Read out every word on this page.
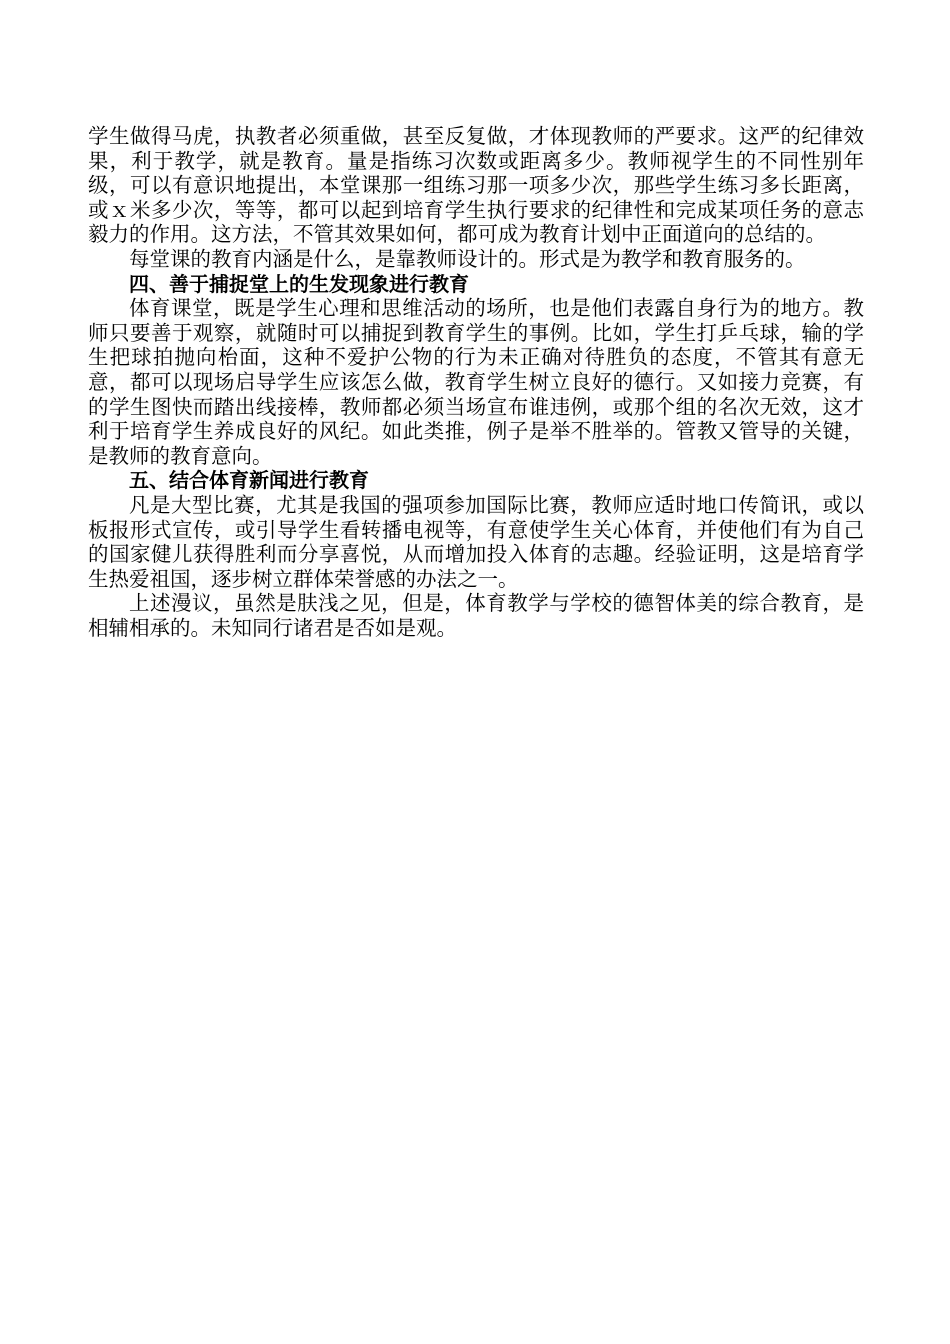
学生做得马虎，执教者必须重做，甚至反复做，才体现教师的严要求。这严的纪律效果，利于教学，就是教育。量是指练习次数或距离多少。教师视学生的不同性别年级，可以有意识地提出，本堂课那一组练习那一项多少次，那些学生练习多长距离，或ｘ米多少次，等等，都可以起到培育学生执行要求的纪律性和完成某项任务的意志毅力的作用。这方法，不管其效果如何，都可成为教育计划中正面道向的总结的。

每堂课的教育内涵是什么，是靠教师设计的。形式是为教学和教育服务的。

四、善于捕捉堂上的生发现象进行教育

体育课堂，既是学生心理和思维活动的场所，也是他们表露自身行为的地方。教师只要善于观察，就随时可以捕捉到教育学生的事例。比如，学生打乒乓球，输的学生把球拍抛向枱面，这种不爱护公物的行为未正确对待胜负的态度，不管其有意无意，都可以现场启导学生应该怎么做，教育学生树立良好的德行。又如接力竞赛，有的学生图快而踏出线接棒，教师都必须当场宣布谁违例，或那个组的名次无效，这才利于培育学生养成良好的风纪。如此类推，例子是举不胜举的。管教又管导的关键，是教师的教育意向。

五、结合体育新闻进行教育

凡是大型比赛，尤其是我国的强项参加国际比赛，教师应适时地口传简讯，或以板报形式宣传，或引导学生看转播电视等，有意使学生关心体育，并使他们有为自己的国家健儿获得胜利而分享喜悦，从而增加投入体育的志趣。经验证明，这是培育学生热爱祖国，逐步树立群体荣誉感的办法之一。

上述漫议，虽然是肤浅之见，但是，体育教学与学校的德智体美的综合教育，是相辅相承的。未知同行诸君是否如是观。
